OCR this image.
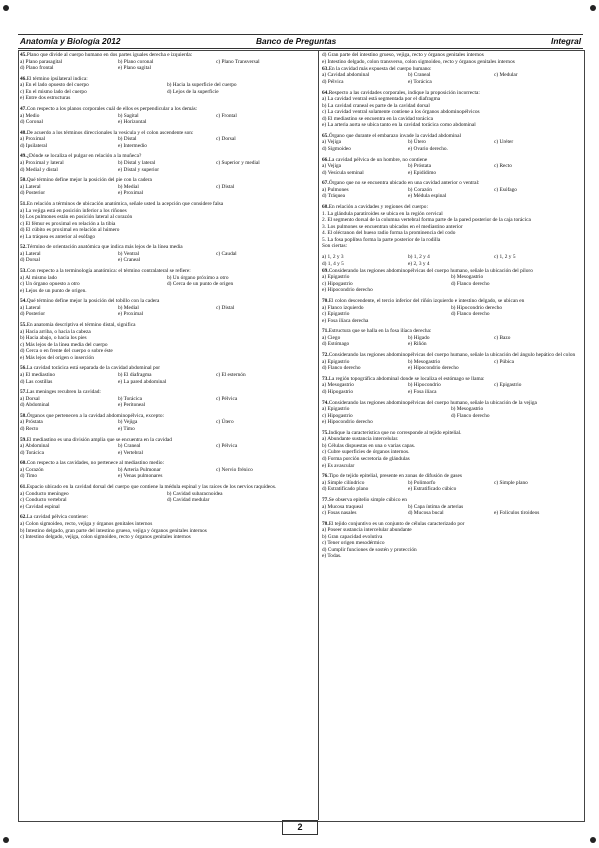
Anatomía y Biología 2012	Banco de Preguntas	Integral
45.Plano que divide al cuerpo humano en dos partes iguales derecha e izquierda:
a) Plano parasagital	b) Plano coronal	c) Plano Transversal
d) Plano frontal	e) Plano sagital
46.El término ipsilateral indica:
a) En el lado opuesto del cuerpo	b) Hacia la superficie del cuerpo
c) En el mismo lado del cuerpo	d) Lejos de la superficie
e) Entre dos estructuras
47.Con respecto a los planos corporales cuál de ellos es perpendicular a los demás:
a) Medio	b) Sagital	c) Frontal
d) Coronal	e) Horizontal
48.De acuerdo a los términos direccionales la vesícula y el colon ascendente son:
a) Proximal	b) Distal	c) Dorsal
d) Ipsilateral	e) Intermedio
49.¿Dónde se localiza el pulgar en relación a la muñeca?
a) Proximal y lateral	b) Distal y lateral	c) Superior y medial
d) Medial y distal	e) Distal y superior
50.Qué término define mejor la posición del pie con la cadera
a) Lateral	b) Medial	c) Distal
d) Posterior	e) Proximal
51.En relación a términos de ubicación anatómica, señale usted la acepción que considere falsa
a) La vejiga está en posición inferior a los riñones
b) Los pulmones están en posición lateral al corazón
c) El fémur es proximal en relación a la tibia
d) El cúbito es proximal en relación al húmero
e) La tráquea es anterior al esófago
52.Término de orientación anatómica que indica más lejos de la línea media
a) Lateral	b) Ventral	c) Caudal
d) Dorsal	e) Craneal
53.Con respecto a la terminología anatómica: el término contralateral se refiere:
a) Al mismo lado	b) Un órgano próximo a otro
c) Un órgano opuesto a otro	d) Cerca de un punto de origen
e) Lejos de un punto de origen.
54.Qué término define mejor la posición del tobillo con la cadera
a) Lateral	b) Medial	c) Distal
d) Posterior	e) Proximal
55.En anatomía descriptiva el término distal, significa
a) Hacia arriba, o hacia la cabeza
b) Hacia abajo, o hacia los pies
c) Más lejos de la línea media del cuerpo
d) Cerca o en frente del cuerpo o sobre éste
e) Más lejos del origen o inserción
56.La cavidad torácica está separada de la cavidad abdominal por
a) El mediastino	b) El diafragma	c) El esternón
d) Las costillas	e) La pared abdominal
57.Las meninges recubren la cavidad:
a) Dorsal	b) Torácica	c) Pélvica
d) Abdominal	e) Peritoneal
58.Órganos que pertenecen a la cavidad abdominopélvica, excepto:
a) Próstata	b) Vejiga	c) Útero
d) Recto	e) Timo
59.El mediastino es una división amplia que se encuentra en la cavidad
a) Abdominal	b) Craneal	c) Pélvica
d) Torácica	e) Vertebral
60.Con respecto a las cavidades, no pertenece al mediastino medio:
a) Corazón	b) Arteria Pulmonar	c) Nervio frénico
d) Timo	e) Venas pulmonares
61.Espacio ubicado en la cavidad dorsal del cuerpo que contiene la médula espinal y las raíces de los nervios raquídeos.
a) Conducto meníngeo	b) Cavidad subaracnoidea
c) Conducto vertebral	d) Cavidad medular
e) Cavidad espinal
62.La cavidad pélvica contiene:
a) Colon sigmoideo, recto, vejiga y órganos genitales internos
b) Intestino delgado, gran parte del intestino grueso, vejiga y órganos genitales internos
c) Intestino delgado, vejiga, colon sigmoideo, recto y órganos genitales internos
d) Gran parte del intestino grueso, vejiga, recto y órganos genitales internos
e) Intestino delgado, colon transverso, colon sigmoideo, recto y órganos genitales internos
63.En la cavidad más expuesta del cuerpo humano:
a) Cavidad abdominal	b) Craneal	c) Medular
d) Pélvica	e) Torácica
64.Respecto a las cavidades corporales, indique la proposición incorrecta:
a) La cavidad ventral está segmentada por el diafragma
b) La cavidad craneal es parte de la cavidad dorsal
c) La cavidad ventral solamente contiene a los órganos abdominopélvicos
d) El mediastino se encuentra en la cavidad torácica
e) La arteria aorta se ubica tanto en la cavidad torácica como abdominal
65.Órgano que durante el embarazo invade la cavidad abdominal
a) Vejiga	b) Útero	c) Uréter
d) Sigmoideo	e) Ovario derecho.
66.La cavidad pélvica de un hombre, no contiene
a) Vejiga	b) Próstata	c) Recto
d) Vesícula seminal	e) Epidídimo
67.Órgano que no se encuentra ubicado en una cavidad anterior o ventral:
a) Pulmones	b) Corazón	c) Esófago
d) Tráquea	e) Médula espinal
68.En relación a cavidades y regiones del cuerpo:
1. La glándula paratiroides se ubica en la región cervical
2. El segmento dorsal de la columna vertebral forma parte de la pared posterior de la caja torácica
3. Los pulmones se encuentran ubicados en el mediastino anterior
4. El olécranon del hueso radio forma la prominencia del codo
5. La fosa poplítea forma la parte posterior de la rodilla
Son ciertas:
a) 1, 2 y 3	b) 1, 2 y 4	c) 1, 2 y 5
d) 1, 4 y 5	e) 2, 3 y 4
69.Considerando las regiones abdominopélvicas del cuerpo humano, señale la ubicación del píloro
a) Epigastrio	b) Mesogastrio
c) Hipogastrio	d) Flanco derecho
e) Hipocondrio derecho
70.El colon descendente, el tercio inferior del riñón izquierdo e intestino delgado, se ubican en
a) Flanco izquierdo	b) Hipocondrio derecho
c) Epigastrio	d) Flanco derecho
e) Fosa ilíaca derecha
71.Estructura que se halla en la fosa ilíaca derecha:
a) Ciego	b) Hígado	c) Bazo
d) Estómago	e) Riñón
72.Considerando las regiones abdominopélvicas del cuerpo humano, señale la ubicación del ángulo hepático del colon
a) Epigastrio	b) Mesogastrio	c) Púbica
d) Flanco derecho	e) Hipocondrio derecho
73.La región topográfica abdominal donde se localiza el estómago se llama:
a) Mesogastrio	b) Hipocondrio	c) Epigastrio
d) Hipogastrio	e) Fosa ilíaca
74.Considerando las regiones abdominopélvicas del cuerpo humano, señale la ubicación de la vejiga
a) Epigastrio	b) Mesogastrio
c) Hipogastrio	d) Flanco derecho
e) Hipocondrio derecho
75.Indique la característica que no corresponde al tejido epitelial.
a) Abundante sustancia intercelular.
b) Células dispuestas en una o varias capas.
c) Cubre superficies de órganos internos.
d) Forma porción secretoria de glándulas
e) Es avascular
76.Tipo de tejido epitelial, presente en zonas de difusión de gases
a) Simple cilíndrico	b) Polimorfo	c) Simple plano
d) Estratificado plano	e) Estratificado cúbico
77.Se observa epitelio simple cúbico en
a) Mucosa traqueal	b) Capa íntima de arterias
c) Fosas nasales	d) Mucosa bucal	e) Folículos tiroideos
78.El tejido conjuntivo es un conjunto de células caracterizado por
a) Poseer sustancia intercelular abundante
b) Gran capacidad evolutiva
c) Tener origen mesodérmico
d) Cumplir funciones de sostén y protección
e) Todas.
2
